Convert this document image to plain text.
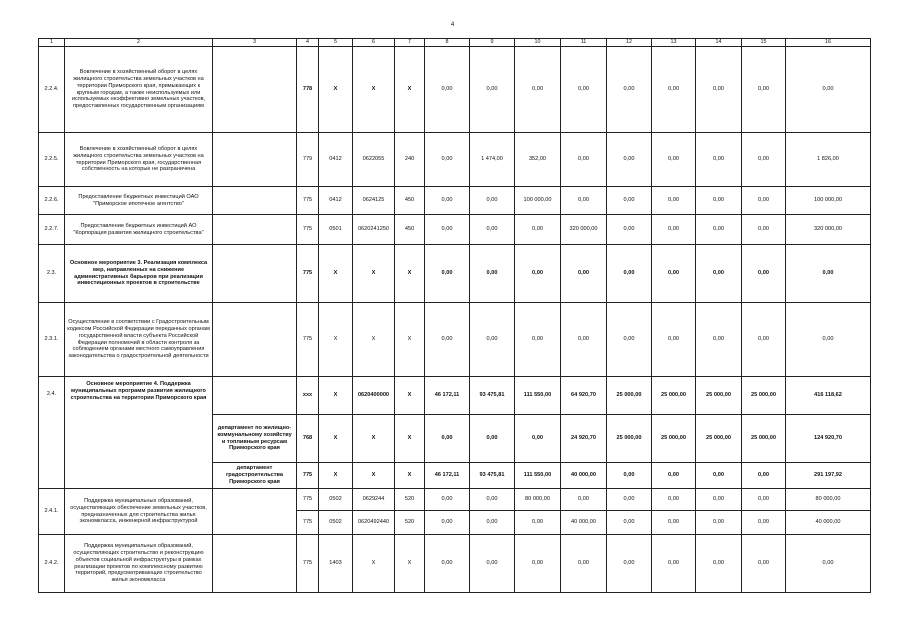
4
1	2	3	4	5	6	7	8	9	10	11	12	13	14	15	16
2.2.4.	Вовлечение в хозяйственный оборот в целях жилищного строительства земельных участков на территории Приморского края, примыкающих к крупным городам, а также неиспользуемых или используемых неэффективно земельных участков, предоставленных государственным организациям		778	X	X	X	0,00	0,00	0,00	0,00	0,00	0,00	0,00	0,00	0,00
2.2.5.	Вовлечение в хозяйственный оборот в целях жилищного строительства земельных участков на территории Приморского края, государственная собственность на которые не разграничена		779	0412	0622055	240	0,00	1 474,00	352,00	0,00	0,00	0,00	0,00	0,00	1 826,00
2.2.6.	Предоставление бюджетных инвестиций ОАО "Приморское ипотечное агентство"		775	0412	0624125	450	0,00	0,00	100 000,00	0,00	0,00	0,00	0,00	0,00	100 000,00
2.2.7.	Предоставление бюджетных инвестиций АО "Корпорация развития жилищного строительства"		775	0501	0620241250	450	0,00	0,00	0,00	320 000,00	0,00	0,00	0,00	0,00	320 000,00
2.3.	Основное мероприятие 3. Реализация комплекса мер, направленных на снижение административных барьеров при реализации инвестиционных проектов в строительстве		775	X	X	X	0,00	0,00	0,00	0,00	0,00	0,00	0,00	0,00	0,00
2.3.1.	Осуществление в соответствии с Градостроительным кодексом Российской Федерации переданных органам государственной власти субъекта Российской Федерации полномочий в области контроля за соблюдением органами местного самоуправления законодательства о градостроительной деятельности		775	X	X	X	0,00	0,00	0,00	0,00	0,00	0,00	0,00	0,00	0,00
2.4.	Основное мероприятие 4. Поддержка муниципальных программ развития жилищного строительства на территории Приморского края		ххх	X	0620400000	X	46 172,11	93 475,81	111 550,00	64 920,70	25 000,00	25 000,00	25 000,00	25 000,00	416 118,62
		департамент по жилищно-коммунальному хозяйству и топливным ресурсам Приморского края	768	X	X	X	0,00	0,00	0,00	24 920,70	25 000,00	25 000,00	25 000,00	25 000,00	124 920,70
		департамент градостроительства Приморского края	775	X	X	X	46 172,11	93 475,81	111 550,00	40 000,00	0,00	0,00	0,00	0,00	291 197,92
2.4.1.	Поддержка муниципальных образований, осуществляющих обеспечение земельных участков, предназначенных для строительства жилья экономкласса, инженерной инфраструктурой		775	0502	0629244	520	0,00	0,00	80 000,00	0,00	0,00	0,00	0,00	0,00	80 000,00
			775	0502	0620492440	520	0,00	0,00	0,00	40 000,00	0,00	0,00	0,00	0,00	40 000,00
2.4.2.	Поддержка муниципальных образований, осуществляющих строительство и реконструкцию объектов социальной инфраструктуры в рамках реализации проектов по комплексному развитию территорий, предусматривающих строительство жилья экономкласса		775	1403	X	X	0,00	0,00	0,00	0,00	0,00	0,00	0,00	0,00	0,00
